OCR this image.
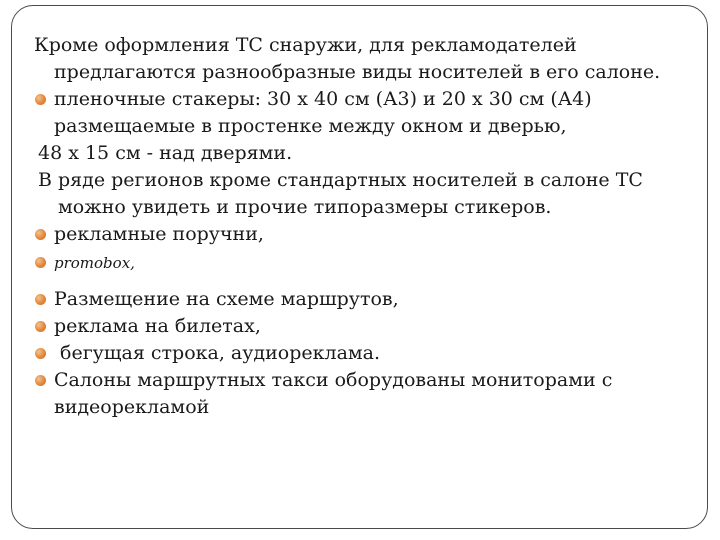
Кроме оформления ТС снаружи, для рекламодателей предлагаются разнообразные виды носителей в его салоне.

пленочные стакеры: 30 х 40 см (А3) и 20 х 30 см (А4) размещаемые в простенке между окном и дверью,

48 х 15 см - над дверями.

В ряде регионов кроме стандартных носителей в салоне ТС можно увидеть и прочие типоразмеры стикеров.

рекламные поручни,

promobox,

Размещение на схеме маршрутов,

реклама на билетах,

бегущая строка, аудиореклама.

Салоны маршрутных такси оборудованы мониторами с видеорекламой
